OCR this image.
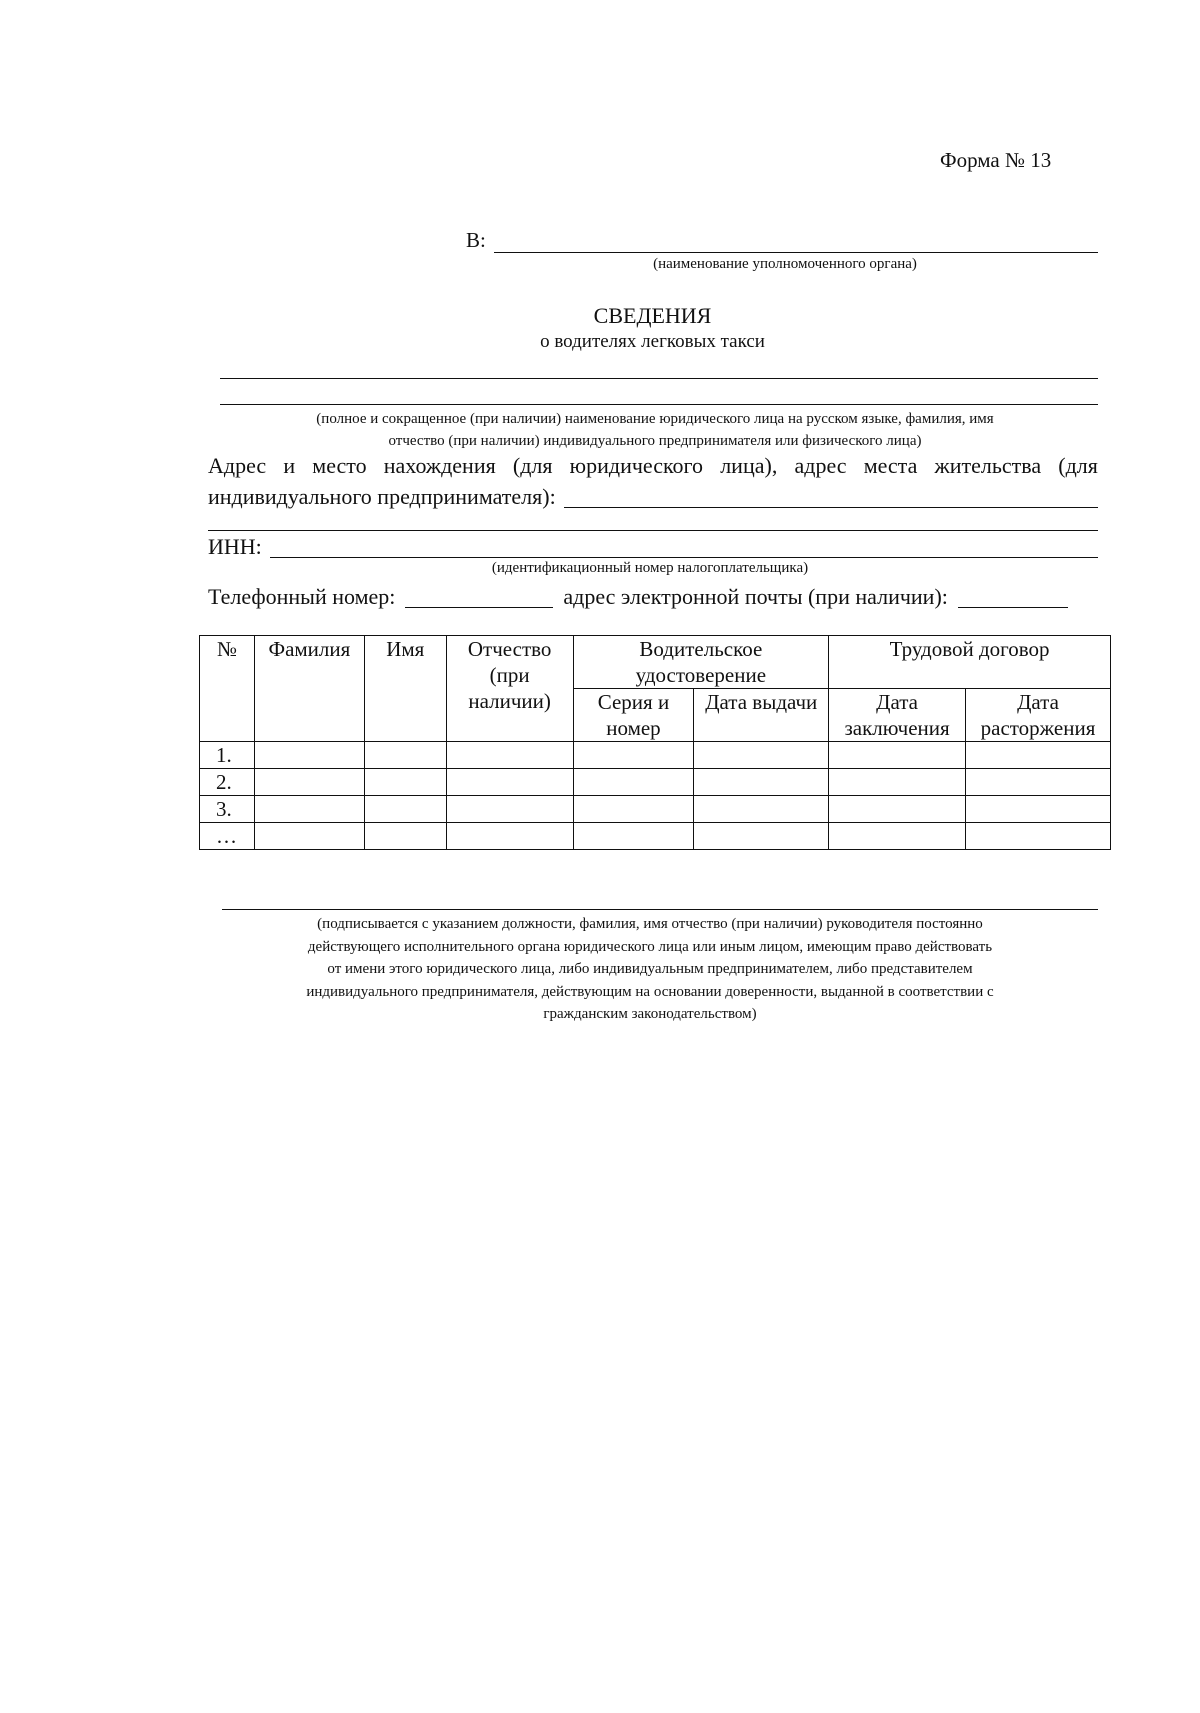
Форма № 13
В:
(наименование уполномоченного органа)
СВЕДЕНИЯ
о водителях легковых такси
(полное и сокращенное (при наличии) наименование юридического лица на русском языке, фамилия, имя
отчество (при наличии) индивидуального предпринимателя или физического лица)
Адрес и место нахождения (для юридического лица), адрес места жительства (для
индивидуального предпринимателя):
ИНН:
(идентификационный номер налогоплательщика)
Телефонный номер:	адрес электронной почты (при наличии):
№	Фамилия	Имя	Отчество (при наличии)	Водительское удостоверение		Трудовой договор	
				Серия и номер	Дата выдачи	Дата заключения	Дата расторжения
1.							
2.							
3.							
…							
(подписывается с указанием должности, фамилия, имя отчество (при наличии) руководителя постоянно
действующего исполнительного органа юридического лица или иным лицом, имеющим право действовать
от имени этого юридического лица, либо индивидуальным предпринимателем, либо представителем
индивидуального предпринимателя, действующим на основании доверенности, выданной в соответствии с
гражданским законодательством)
